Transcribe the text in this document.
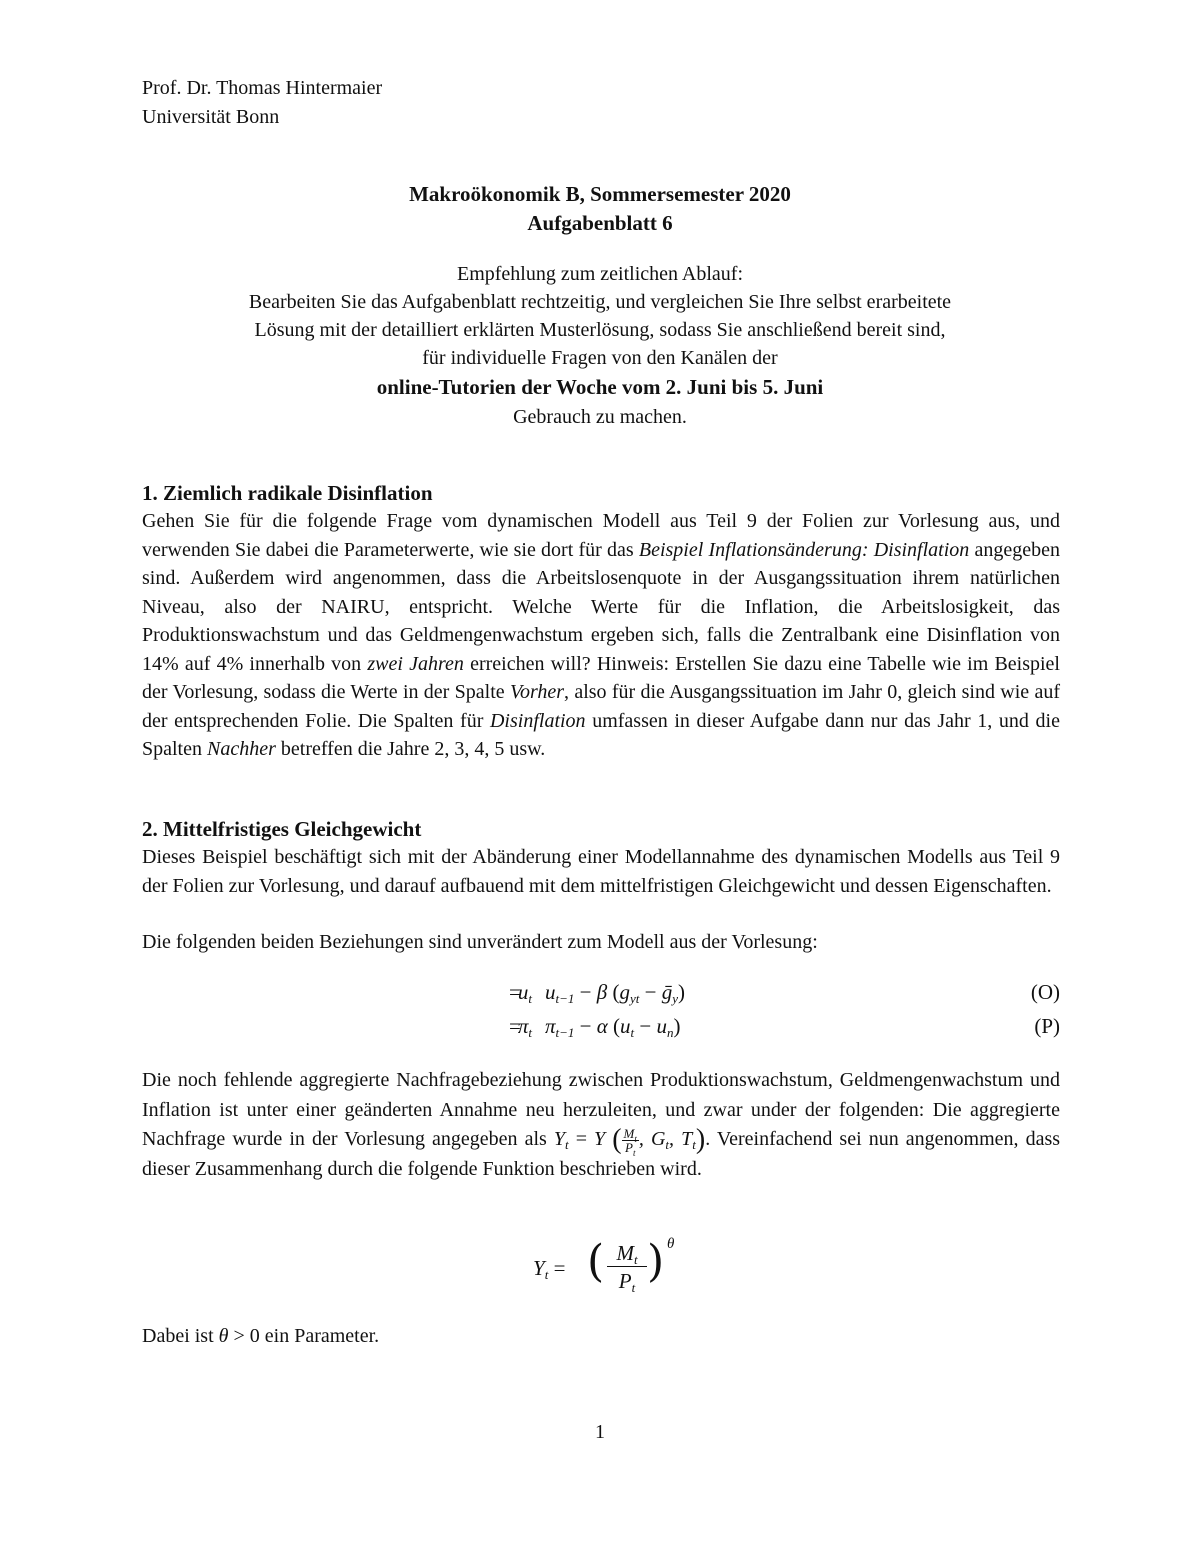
Prof. Dr. Thomas Hintermaier
Universität Bonn
Makroökonomik B, Sommersemester 2020
Aufgabenblatt 6
Empfehlung zum zeitlichen Ablauf:
Bearbeiten Sie das Aufgabenblatt rechtzeitig, und vergleichen Sie Ihre selbst erarbeitete
Lösung mit der detailliert erklärten Musterlösung, sodass Sie anschließend bereit sind,
für individuelle Fragen von den Kanälen der
online-Tutorien der Woche vom 2. Juni bis 5. Juni
Gebrauch zu machen.
1. Ziemlich radikale Disinflation

Gehen Sie für die folgende Frage vom dynamischen Modell aus Teil 9 der Folien zur Vorlesung aus, und verwenden Sie dabei die Parameterwerte, wie sie dort für das Beispiel Inflationsänderung: Disinflation angegeben sind. Außerdem wird angenommen, dass die Arbeitslosenquote in der Ausgangssituation ihrem natürlichen Niveau, also der NAIRU, entspricht. Welche Werte für die Inflation, die Arbeitslosigkeit, das Produktionswachstum und das Geldmengenwachstum ergeben sich, falls die Zentralbank eine Disinflation von 14% auf 4% innerhalb von zwei Jahren erreichen will? Hinweis: Erstellen Sie dazu eine Tabelle wie im Beispiel der Vorlesung, sodass die Werte in der Spalte Vorher, also für die Ausgangssituation im Jahr 0, gleich sind wie auf der entsprechenden Folie. Die Spalten für Disinflation umfassen in dieser Aufgabe dann nur das Jahr 1, und die Spalten Nachher betreffen die Jahre 2, 3, 4, 5 usw.

2. Mittelfristiges Gleichgewicht

Dieses Beispiel beschäftigt sich mit der Abänderung einer Modellannahme des dynamischen Modells aus Teil 9 der Folien zur Vorlesung, und darauf aufbauend mit dem mittelfristigen Gleichgewicht und dessen Eigenschaften.

Die folgenden beiden Beziehungen sind unverändert zum Modell aus der Vorlesung:
$u_t$
= $u_{t-1} - \beta$ ($g_{yt}$ − ḡ$_y$)	(O)
$\pi_t$
= $\pi_{t-1} - \alpha$ $(u_t - u_n)$	(P)

Die noch fehlende aggregierte Nachfragebeziehung zwischen Produktionswachstum, Geldmengenwachstum und Inflation ist unter einer geänderten Annahme neu herzuleiten, und zwar under der folgenden: Die aggregierte Nachfrage wurde in der Vorlesung angegeben als $Y_t = Y$ ( $\frac{M_t}{P_t}$ , $G_t$, $T_t$). Vereinfachend sei nun angenommen, dass dieser Zusammenhang durch die folgende Funktion beschrieben wird.

$Y_t$ = ( $M_t$
$P_t$
) θ
Dabei ist θ > 0 ein Parameter.
1
